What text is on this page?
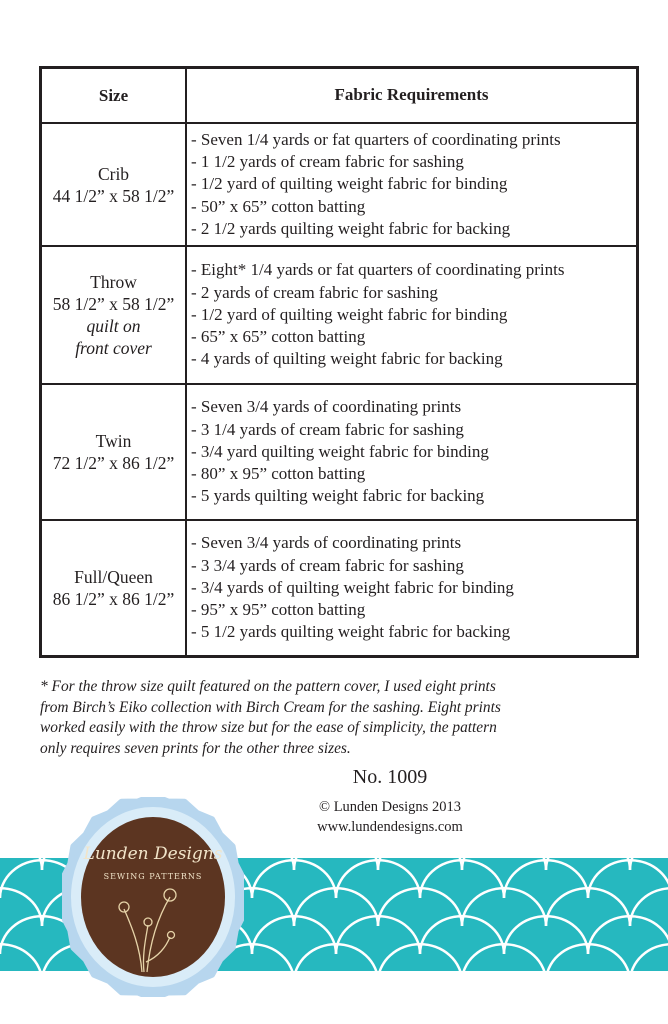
Size	Fabric Requirements
Crib
44 1/2” x 58 1/2”
- Seven 1/4 yards or fat quarters of coordinating prints
- 1 1/2 yards of cream fabric for sashing
- 1/2 yard of quilting weight fabric for binding
- 50” x 65” cotton batting
- 2 1/2 yards quilting weight fabric for backing
Throw
58 1/2” x 58 1/2”
quilt on
front cover
- Eight* 1/4 yards or fat quarters of coordinating prints
- 2 yards of cream fabric for sashing
- 1/2 yard of quilting weight fabric for binding
- 65” x 65” cotton batting
- 4 yards of quilting weight fabric for backing
Twin
72 1/2” x 86 1/2”
- Seven 3/4 yards of coordinating prints
- 3 1/4 yards of cream fabric for sashing
- 3/4 yard quilting weight fabric for binding
- 80” x 95” cotton batting
- 5 yards quilting weight fabric for backing
Full/Queen
86 1/2” x 86 1/2”
- Seven 3/4 yards of coordinating prints
- 3 3/4 yards of cream fabric for sashing
- 3/4 yards of quilting weight fabric for binding
- 95” x 95” cotton batting
- 5 1/2 yards quilting weight fabric for backing
* For the throw size quilt featured on the pattern cover, I used eight prints
from Birch’s Eiko collection with Birch Cream for the sashing. Eight prints
worked easily with the throw size but for the ease of simplicity, the pattern
only requires seven prints for the other three sizes.
No. 1009
© Lunden Designs 2013
www.lundendesigns.com
Lunden Designs
SEWING PATTERNS
